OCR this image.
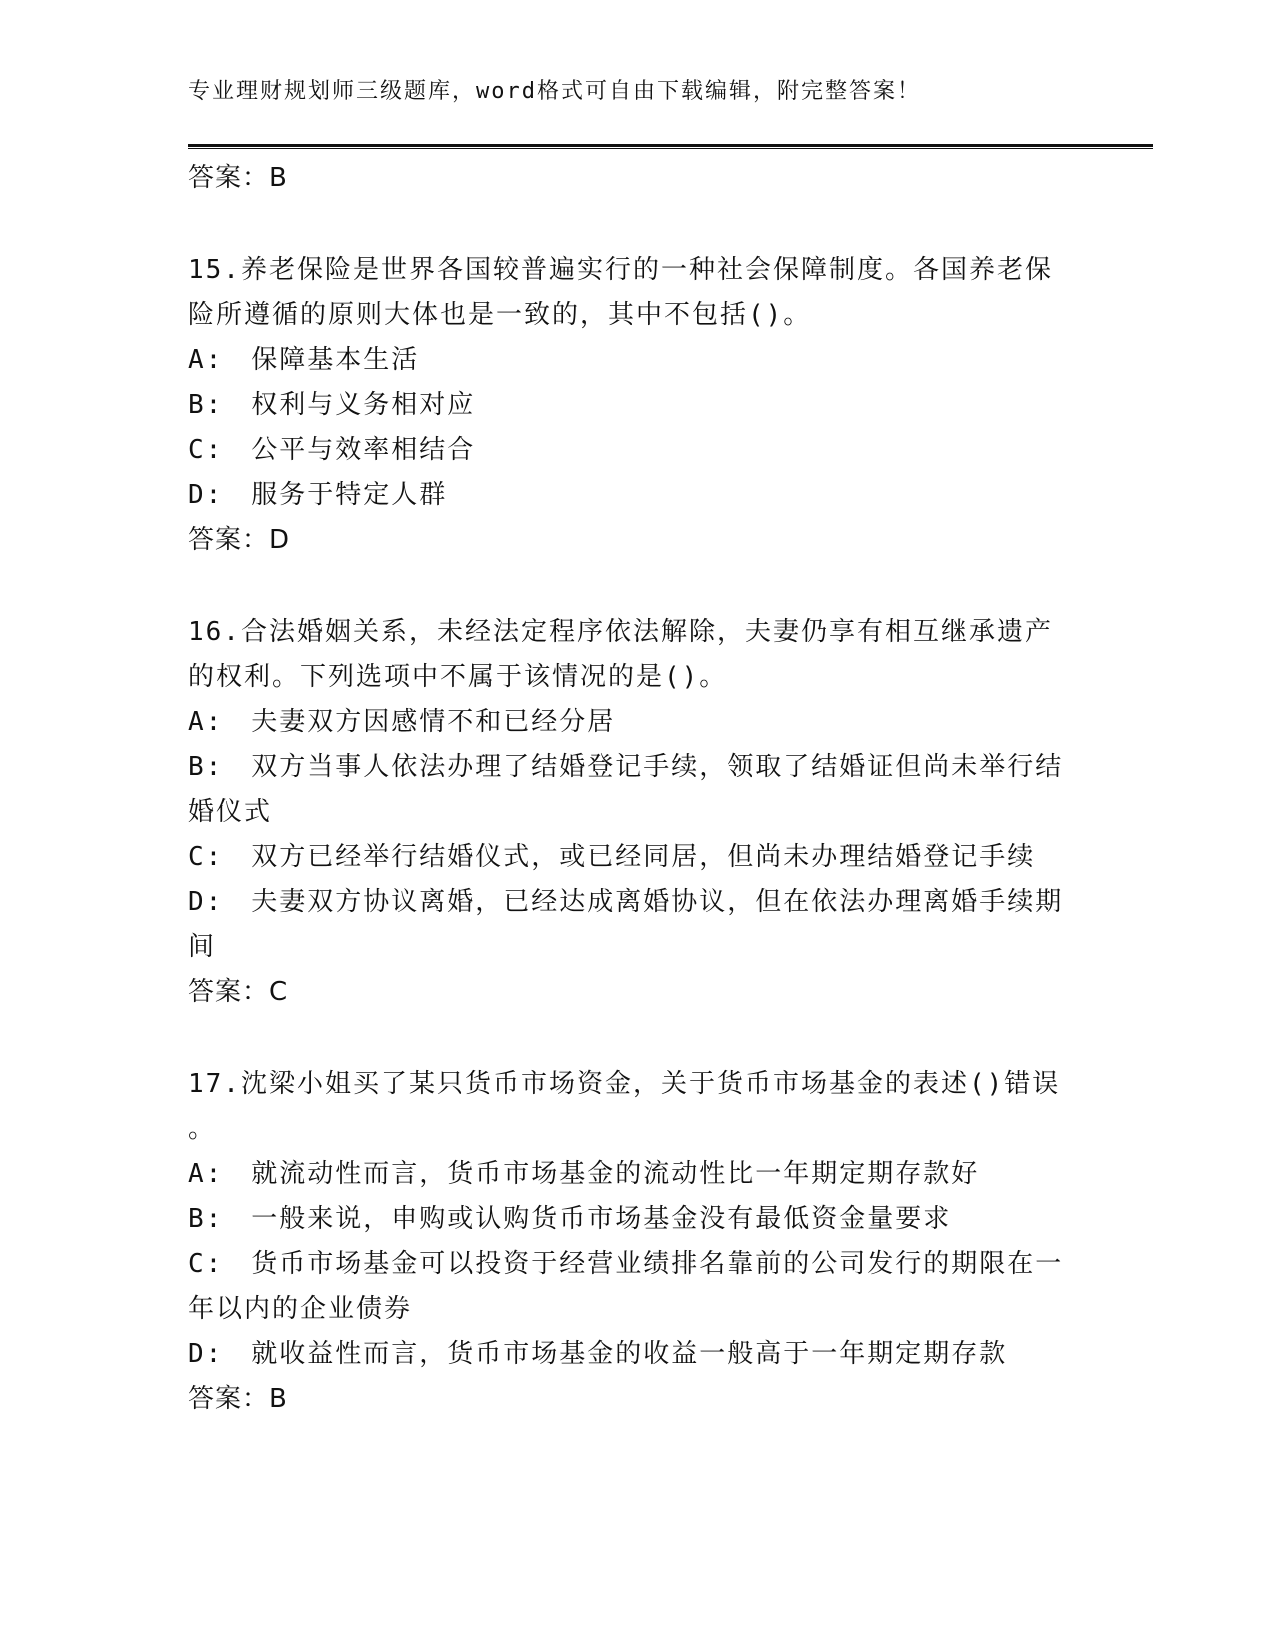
专业理财规划师三级题库，word格式可自由下载编辑，附完整答案！
答案：B
15.养老保险是世界各国较普遍实行的一种社会保障制度。各国养老保
险所遵循的原则大体也是一致的，其中不包括()。
A:　保障基本生活
B:　权利与义务相对应
C:　公平与效率相结合
D:　服务于特定人群
答案：D
16.合法婚姻关系，未经法定程序依法解除，夫妻仍享有相互继承遗产
的权利。下列选项中不属于该情况的是()。
A:　夫妻双方因感情不和已经分居
B:　双方当事人依法办理了结婚登记手续，领取了结婚证但尚未举行结
婚仪式
C:　双方已经举行结婚仪式，或已经同居，但尚未办理结婚登记手续
D:　夫妻双方协议离婚，已经达成离婚协议，但在依法办理离婚手续期
间
答案：C
17.沈梁小姐买了某只货币市场资金，关于货币市场基金的表述()错误
。
A:　就流动性而言，货币市场基金的流动性比一年期定期存款好
B:　一般来说，申购或认购货币市场基金没有最低资金量要求
C:　货币市场基金可以投资于经营业绩排名靠前的公司发行的期限在一
年以内的企业债券
D:　就收益性而言，货币市场基金的收益一般高于一年期定期存款
答案：B
